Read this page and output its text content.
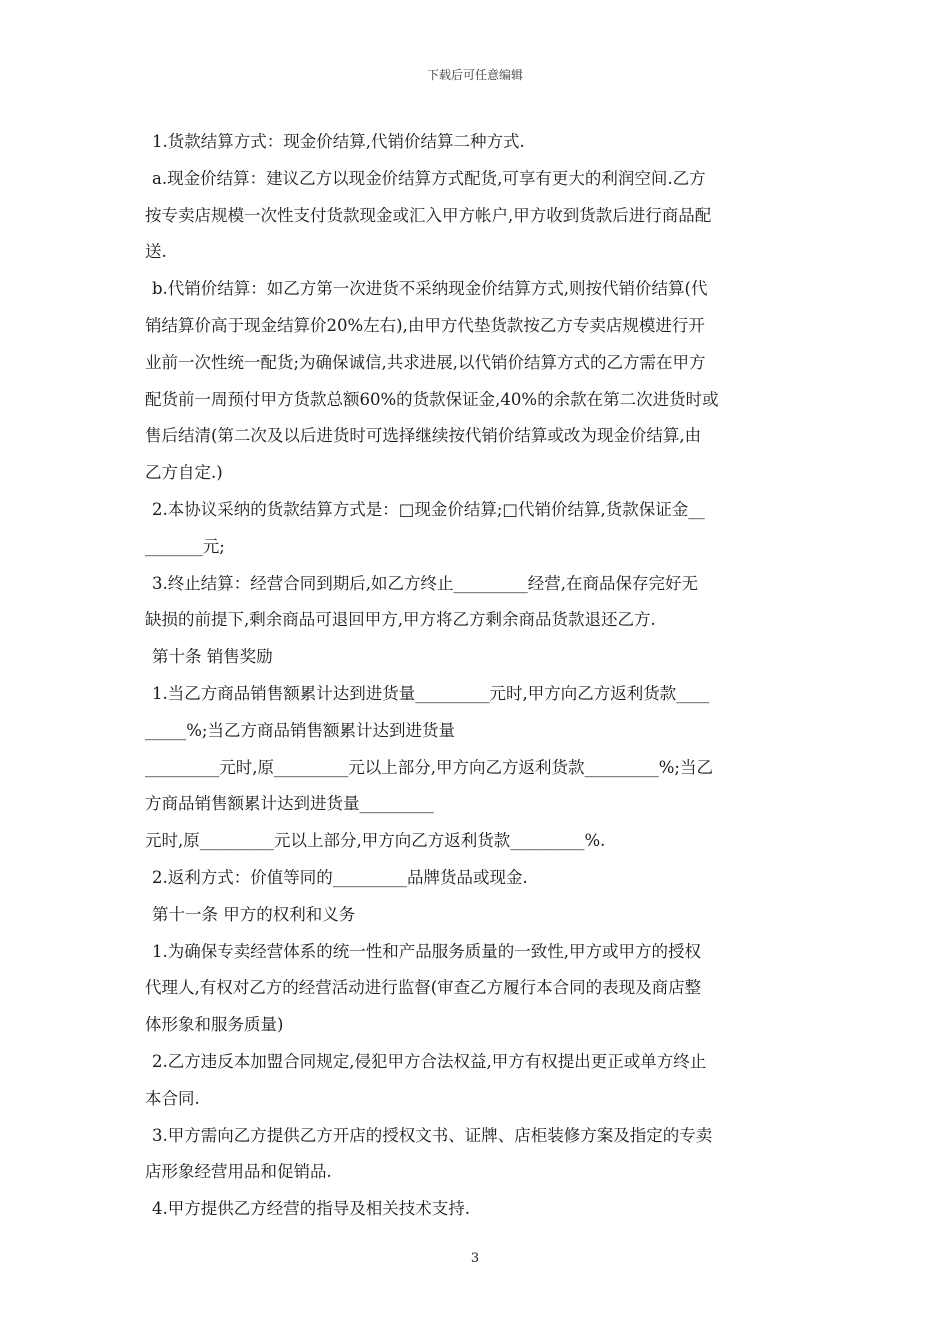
下载后可任意编辑
1.货款结算方式：现金价结算,代销价结算二种方式.
a.现金价结算：建议乙方以现金价结算方式配货,可享有更大的利润空间.乙方
按专卖店规模一次性支付货款现金或汇入甲方帐户,甲方收到货款后进行商品配
送.
b.代销价结算：如乙方第一次进货不采纳现金价结算方式,则按代销价结算(代
销结算价高于现金结算价20%左右),由甲方代垫货款按乙方专卖店规模进行开
业前一次性统一配货;为确保诚信,共求进展,以代销价结算方式的乙方需在甲方
配货前一周预付甲方货款总额60%的货款保证金,40%的余款在第二次进货时或
售后结清(第二次及以后进货时可选择继续按代销价结算或改为现金价结算,由
乙方自定.)
2.本协议采纳的货款结算方式是：□现金价结算;□代销价结算,货款保证金__
_______元;
3.终止结算：经营合同到期后,如乙方终止_________经营,在商品保存完好无
缺损的前提下,剩余商品可退回甲方,甲方将乙方剩余商品货款退还乙方.
第十条 销售奖励
1.当乙方商品销售额累计达到进货量_________元时,甲方向乙方返利货款____
_____%;当乙方商品销售额累计达到进货量
_________元时,原_________元以上部分,甲方向乙方返利货款_________%;当乙
方商品销售额累计达到进货量_________
元时,原_________元以上部分,甲方向乙方返利货款_________%.
2.返利方式：价值等同的_________品牌货品或现金.
第十一条 甲方的权利和义务
1.为确保专卖经营体系的统一性和产品服务质量的一致性,甲方或甲方的授权
代理人,有权对乙方的经营活动进行监督(审查乙方履行本合同的表现及商店整
体形象和服务质量)
2.乙方违反本加盟合同规定,侵犯甲方合法权益,甲方有权提出更正或单方终止
本合同.
3.甲方需向乙方提供乙方开店的授权文书、证牌、店柜装修方案及指定的专卖
店形象经营用品和促销品.
4.甲方提供乙方经营的指导及相关技术支持.
3
